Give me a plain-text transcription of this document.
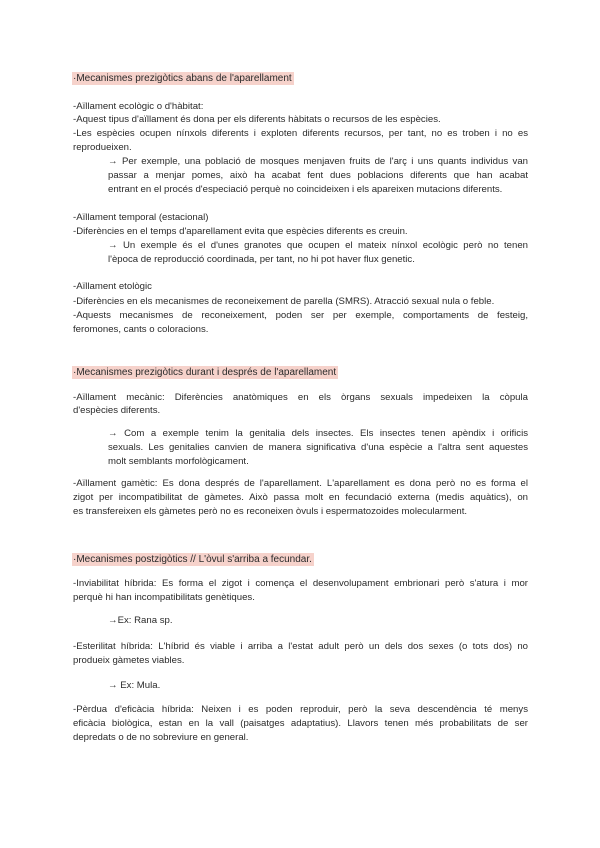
·Mecanismes prezigòtics abans de l'aparellament
-Aïllament ecològic o d'hàbitat:
-Aquest tipus d'aïllament és dona per els diferents hàbitats o recursos de les espècies.
-Les espècies ocupen nínxols diferents i exploten diferents recursos, per tant, no es troben i no es
reprodueixen.
→ Per exemple, una població de mosques menjaven fruits de l'arç i uns quants individus van
passar a menjar pomes, això ha acabat fent dues poblacions diferents que han acabat
entrant en el procés d'especiació perquè no coincideixen i els apareixen mutacions diferents.
-Aïllament temporal (estacional)
-Diferències en el temps d'aparellament evita que espècies diferents es creuin.
→ Un exemple és el d'unes granotes que ocupen el mateix nínxol ecològic però no tenen
l'època de reproducció coordinada, per tant, no hi pot haver flux genetic.
-Aïllament etològic
-Diferències en els mecanismes de reconeixement de parella (SMRS). Atracció sexual nula o feble.
-Aquests mecanismes de reconeixement, poden ser per exemple, comportaments de festeig,
feromones, cants o coloracions.
·Mecanismes prezigòtics durant i després de l'aparellament
-Aïllament mecànic: Diferències anatòmiques en els òrgans sexuals impedeixen la còpula
d'espècies diferents.
→ Com a exemple tenim la genitalia dels insectes. Els insectes tenen apèndix i orificis
sexuals. Les genitalies canvien de manera significativa d'una espècie a l'altra sent aquestes
molt semblants morfològicament.
-Aïllament gamètic: Es dona després de l'aparellament. L'aparellament es dona però no es forma el
zigot per incompatibilitat de gàmetes. Això passa molt en fecundació externa (medis aquàtics), on
es transfereixen els gàmetes però no es reconeixen òvuls i espermatozoides molecularment.
·Mecanismes postzigòtics // L'òvul s'arriba a fecundar.
-Inviabilitat híbrida: Es forma el zigot i comença el desenvolupament embrionari però s'atura i mor
perquè hi han incompatibilitats genètiques.
→Ex: Rana sp.
-Esterilitat híbrida: L'híbrid és viable i arriba a l'estat adult però un dels dos sexes (o tots dos) no
produeix gàmetes viables.
→ Ex: Mula.
-Pèrdua d'eficàcia híbrida: Neixen i es poden reproduir, però la seva descendència té menys
eficàcia biològica, estan en la vall (paisatges adaptatius). Llavors tenen més probabilitats de ser
depredats o de no sobreviure en general.
